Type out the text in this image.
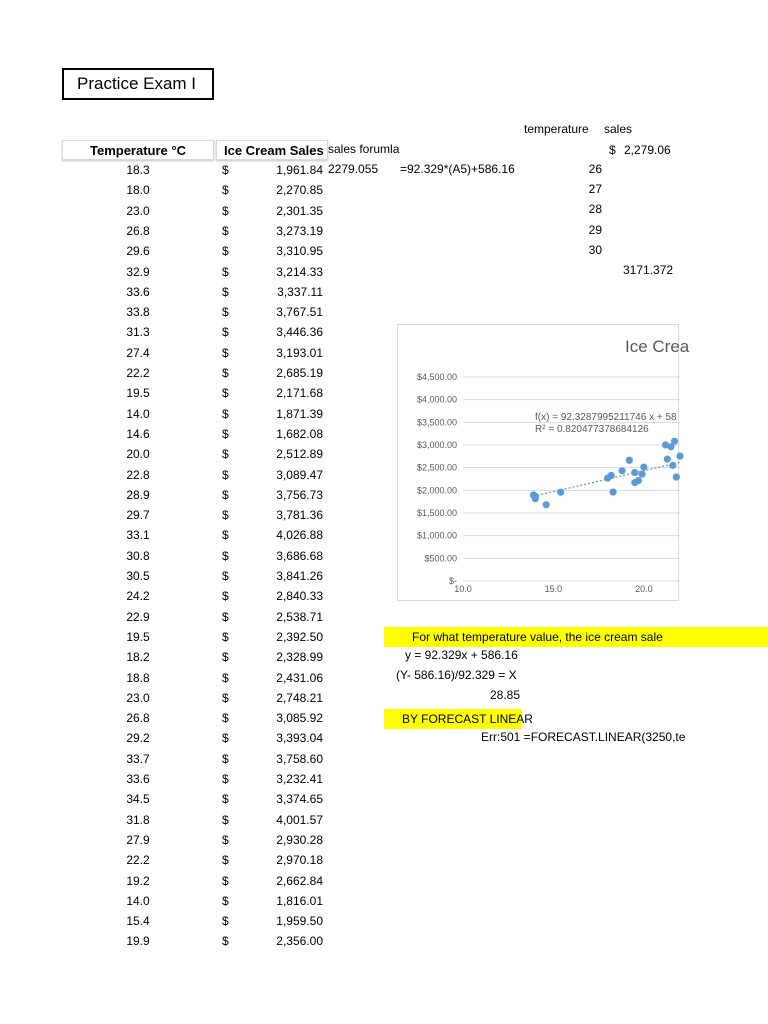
Practice Exam I
Temperature °C	Ice Cream Sales
18.3	$	1,961.84
18.0	$	2,270.85
23.0	$	2,301.35
26.8	$	3,273.19
29.6	$	3,310.95
32.9	$	3,214.33
33.6	$	3,337.11
33.8	$	3,767.51
31.3	$	3,446.36
27.4	$	3,193.01
22.2	$	2,685.19
19.5	$	2,171.68
14.0	$	1,871.39
14.6	$	1,682.08
20.0	$	2,512.89
22.8	$	3,089.47
28.9	$	3,756.73
29.7	$	3,781.36
33.1	$	4,026.88
30.8	$	3,686.68
30.5	$	3,841.26
24.2	$	2,840.33
22.9	$	2,538.71
19.5	$	2,392.50
18.2	$	2,328.99
18.8	$	2,431.06
23.0	$	2,748.21
26.8	$	3,085.92
29.2	$	3,393.04
33.7	$	3,758.60
33.6	$	3,232.41
34.5	$	3,374.65
31.8	$	4,001.57
27.9	$	2,930.28
22.2	$	2,970.18
19.2	$	2,662.84
14.0	$	1,816.01
15.4	$	1,959.50
19.9	$	2,356.00
sales forumla
2279.055 =92.329*(A5)+586.16
temperature sales
$ 2,279.06
26
27
28
29
30
3171.372
Ice Crea
$-
$500.00
$1,000.00
$1,500.00
$2,000.00
$2,500.00
$3,000.00
$3,500.00
$4,000.00
$4,500.00
10.0	15.0	20.0
f(x) = 92.3287995211746 x + 58
R² = 0.820477378684126
For what temperature value, the ice cream sale
y = 92.329x + 586.16
(Y- 586.16)/92.329 = X
28.85
BY FORECAST LINEAR
Err:501 =FORECAST.LINEAR(3250,te
